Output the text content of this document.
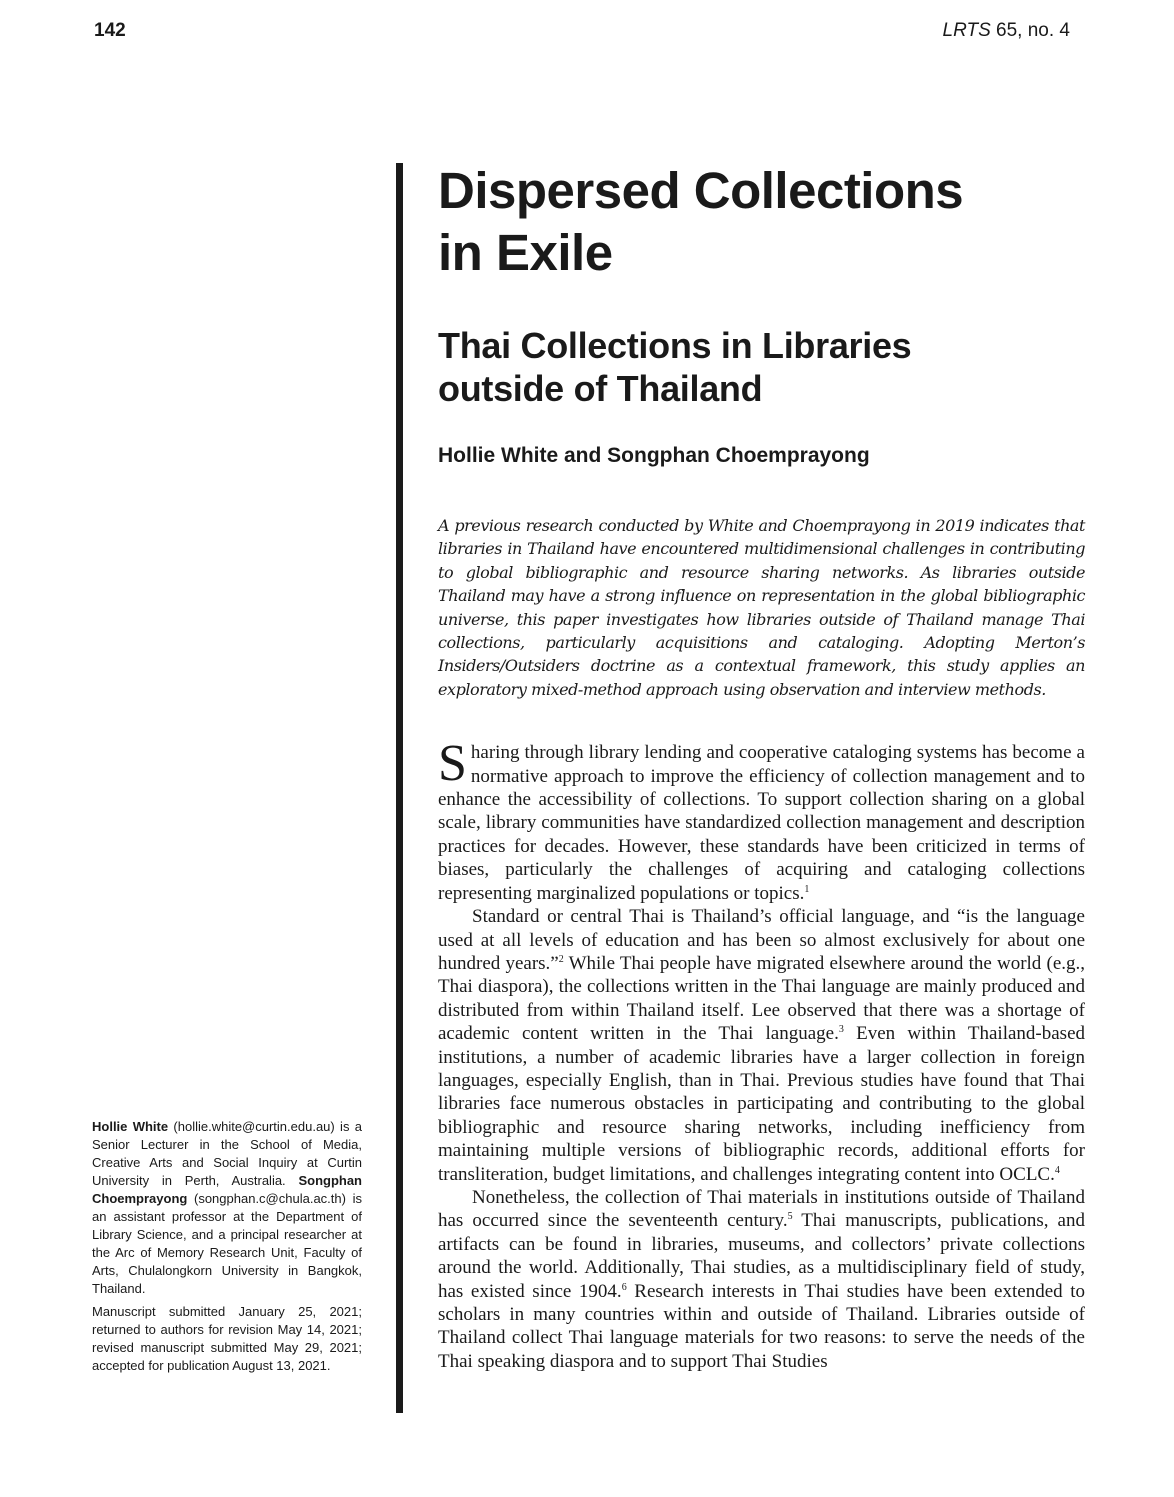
142	LRTS 65, no. 4
Dispersed Collections
in Exile
Thai Collections in Libraries
outside of Thailand
Hollie White and Songphan Choemprayong

A previous research conducted by White and Choemprayong in 2019 indicates that libraries in Thailand have encountered multidimensional challenges in contributing to global bibliographic and resource sharing networks. As libraries outside Thailand may have a strong influence on representation in the global bibliographic universe, this paper investigates how libraries outside of Thailand manage Thai collections, particularly acquisitions and cataloging. Adopting Merton’s Insiders/Outsiders doctrine as a contextual framework, this study applies an exploratory mixed-method approach using observation and interview methods.

Sharing through library lending and cooperative cataloging systems has become a normative approach to improve the efficiency of collection management and to enhance the accessibility of collections. To support collection sharing on a global scale, library communities have standardized collection management and description practices for decades. However, these standards have been criticized in terms of biases, particularly the challenges of acquiring and cataloging collections representing marginalized populations or topics.$^1$

Standard or central Thai is Thailand’s official language, and “is the language used at all levels of education and has been so almost exclusively for about one hundred years.”$^2$ While Thai people have migrated elsewhere around the world (e.g., Thai diaspora), the collections written in the Thai language are mainly produced and distributed from within Thailand itself. Lee observed that there was a shortage of academic content written in the Thai language.$^3$ Even within Thailand-based institutions, a number of academic libraries have a larger collection in foreign languages, especially English, than in Thai. Previous studies have found that Thai libraries face numerous obstacles in participating and contributing to the global bibliographic and resource sharing networks, including inefficiency from maintaining multiple versions of bibliographic records, additional efforts for transliteration, budget limitations, and challenges integrating content into OCLC.$^4$

Nonetheless, the collection of Thai materials in institutions outside of Thailand has occurred since the seventeenth century.$^5$ Thai manuscripts, publications, and artifacts can be found in libraries, museums, and collectors’ private collections around the world. Additionally, Thai studies, as a multidisciplinary field of study, has existed since 1904.$^6$ Research interests in Thai studies have been extended to scholars in many countries within and outside of Thailand. Libraries outside of Thailand collect Thai language materials for two reasons: to serve the needs of the Thai speaking diaspora and to support Thai Studies

Hollie White (hollie.white@curtin.edu.au) is a Senior Lecturer in the School of Media, Creative Arts and Social Inquiry at Curtin University in Perth, Australia. Songphan Choemprayong (songphan.c@chula.ac.th) is an assistant professor at the Department of Library Science, and a principal researcher at the Arc of Memory Research Unit, Faculty of Arts, Chulalongkorn University in Bangkok, Thailand.

Manuscript submitted January 25, 2021; returned to authors for revision May 14, 2021; revised manuscript submitted May 29, 2021; accepted for publication August 13, 2021.
